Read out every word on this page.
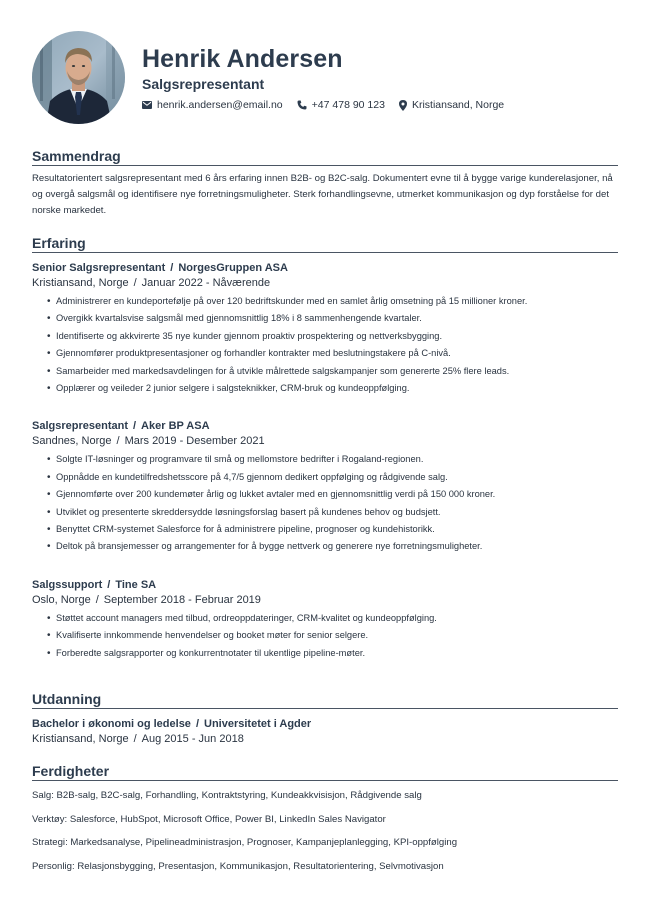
Henrik Andersen
Salgsrepresentant
henrik.andersen@email.no	+47 478 90 123	Kristiansand, Norge
Sammendrag
Resultatorientert salgsrepresentant med 6 års erfaring innen B2B- og B2C-salg. Dokumentert evne til å bygge varige kunderelasjoner, nå og overgå salgsmål og identifisere nye forretningsmuligheter. Sterk forhandlingsevne, utmerket kommunikasjon og dyp forståelse for det norske markedet.
Erfaring
Senior Salgsrepresentant / NorgesGruppen ASA
Kristiansand, Norge / Januar 2022 - Nåværende
• Administrerer en kundeportefølje på over 120 bedriftskunder med en samlet årlig omsetning på 15 millioner kroner.
• Overgikk kvartalsvise salgsmål med gjennomsnittlig 18% i 8 sammenhengende kvartaler.
• Identifiserte og akkvirerte 35 nye kunder gjennom proaktiv prospektering og nettverksbygging.
• Gjennomfører produktpresentasjoner og forhandler kontrakter med beslutningstakere på C-nivå.
• Samarbeider med markedsavdelingen for å utvikle målrettede salgskampanjer som genererte 25% flere leads.
• Opplærer og veileder 2 junior selgere i salgsteknikker, CRM-bruk og kundeoppfølging.
Salgsrepresentant / Aker BP ASA
Sandnes, Norge / Mars 2019 - Desember 2021
• Solgte IT-løsninger og programvare til små og mellomstore bedrifter i Rogaland-regionen.
• Oppnådde en kundetilfredshetsscore på 4,7/5 gjennom dedikert oppfølging og rådgivende salg.
• Gjennomførte over 200 kundemøter årlig og lukket avtaler med en gjennomsnittlig verdi på 150 000 kroner.
• Utviklet og presenterte skreddersydde løsningsforslag basert på kundenes behov og budsjett.
• Benyttet CRM-systemet Salesforce for å administrere pipeline, prognoser og kundehistorikk.
• Deltok på bransjemesser og arrangementer for å bygge nettverk og generere nye forretningsmuligheter.
Salgssupport / Tine SA
Oslo, Norge / September 2018 - Februar 2019
• Støttet account managers med tilbud, ordreoppdateringer, CRM-kvalitet og kundeoppfølging.
• Kvalifiserte innkommende henvendelser og booket møter for senior selgere.
• Forberedte salgsrapporter og konkurrentnotater til ukentlige pipeline-møter.
Utdanning
Bachelor i økonomi og ledelse / Universitetet i Agder
Kristiansand, Norge / Aug 2015 - Jun 2018
Ferdigheter
Salg: B2B-salg, B2C-salg, Forhandling, Kontraktstyring, Kundeakkvisisjon, Rådgivende salg
Verktøy: Salesforce, HubSpot, Microsoft Office, Power BI, LinkedIn Sales Navigator
Strategi: Markedsanalyse, Pipelineadministrasjon, Prognoser, Kampanjeplanlegging, KPI-oppfølging
Personlig: Relasjonsbygging, Presentasjon, Kommunikasjon, Resultatorientering, Selvmotivasjon
